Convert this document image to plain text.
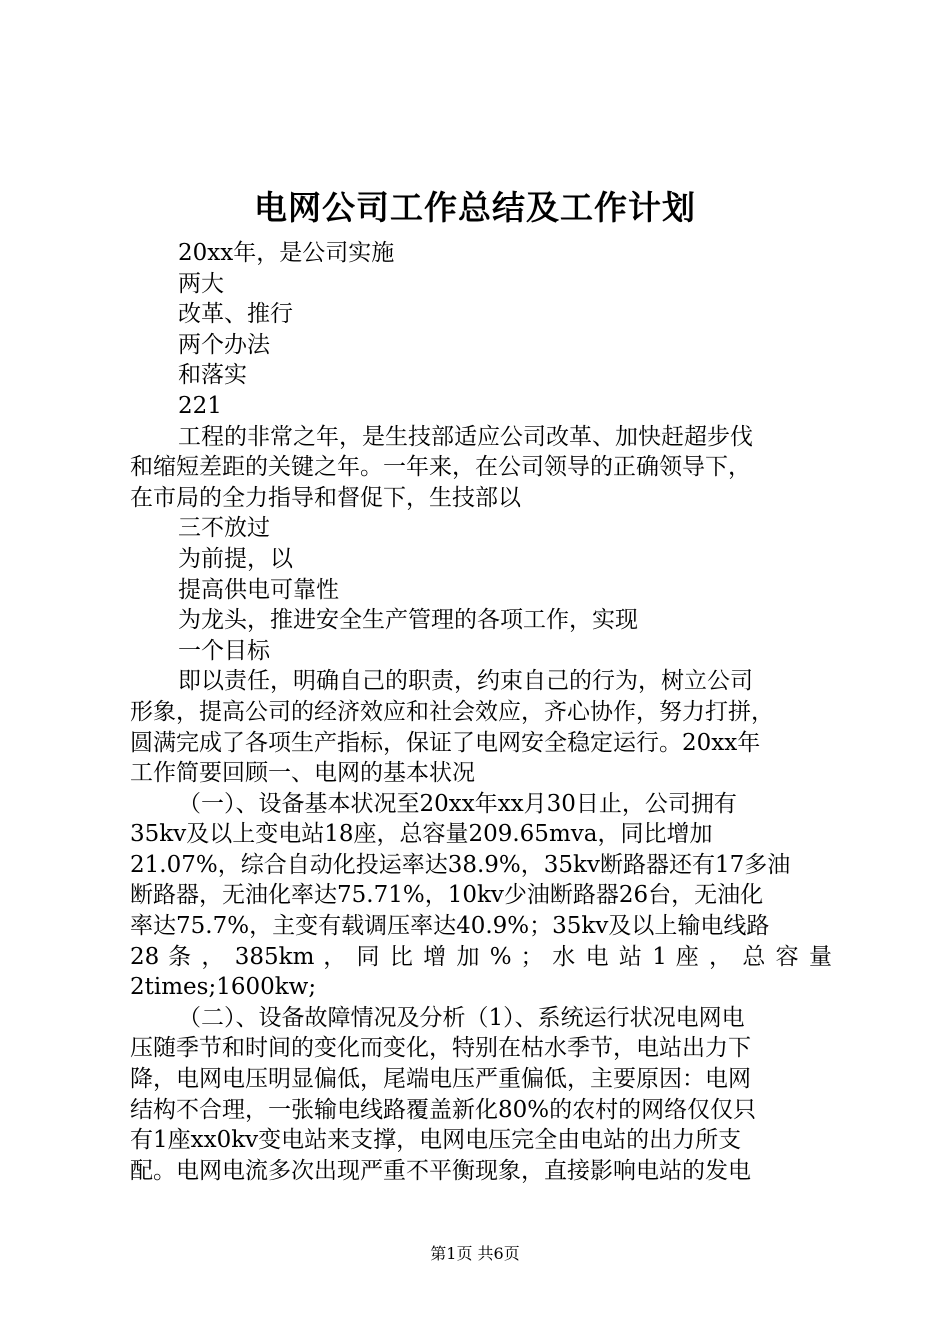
电网公司工作总结及工作计划
20xx年，是公司实施
两大
改革、推行
两个办法
和落实
221
工程的非常之年，是生技部适应公司改革、加快赶超步伐
和缩短差距的关键之年。一年来，在公司领导的正确领导下，
在市局的全力指导和督促下，生技部以
三不放过
为前提，以
提高供电可靠性
为龙头，推进安全生产管理的各项工作，实现
一个目标
即以责任，明确自己的职责，约束自己的行为，树立公司
形象，提高公司的经济效应和社会效应，齐心协作，努力打拼，
圆满完成了各项生产指标，保证了电网安全稳定运行。20xx年
工作简要回顾一、电网的基本状况
（一）、设备基本状况至20xx年xx月30日止，公司拥有
35kv及以上变电站18座，总容量209.65mva，同比增加
21.07%，综合自动化投运率达38.9%，35kv断路器还有17多油
断路器，无油化率达75.71%，10kv少油断路器26台，无油化
率达75.7%，主变有载调压率达40.9%；35kv及以上输电线路
28 条 ， 385km ， 同 比 增 加 % ； 水 电 站 1 座 ， 总 容 量
2times;1600kw;
（二）、设备故障情况及分析（1）、系统运行状况电网电
压随季节和时间的变化而变化，特别在枯水季节，电站出力下
降，电网电压明显偏低，尾端电压严重偏低，主要原因：电网
结构不合理，一张输电线路覆盖新化80%的农村的网络仅仅只
有1座xx0kv变电站来支撑，电网电压完全由电站的出力所支
配。电网电流多次出现严重不平衡现象，直接影响电站的发电
第1页 共6页
